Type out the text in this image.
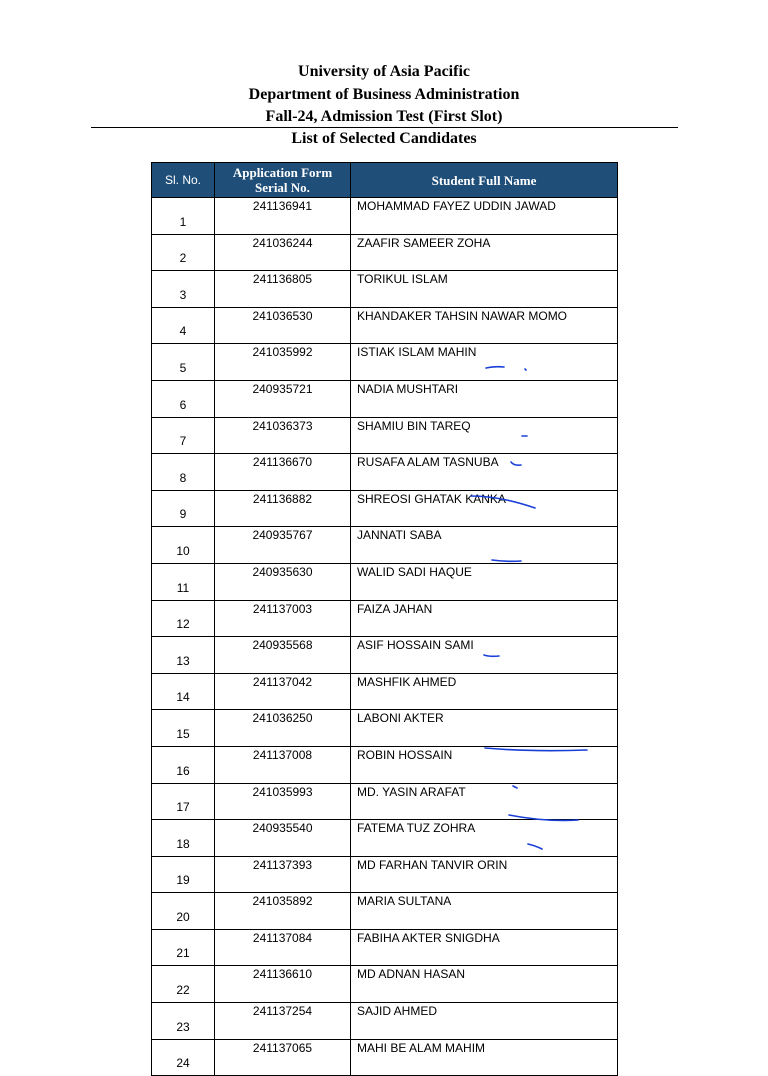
University of Asia Pacific
Department of Business Administration
Fall-24, Admission Test (First Slot)
List of Selected Candidates
Sl. No.	Application Form Serial No.	Student Full Name
1	241136941	MOHAMMAD FAYEZ UDDIN JAWAD
2	241036244	ZAAFIR SAMEER ZOHA
3	241136805	TORIKUL ISLAM
4	241036530	KHANDAKER TAHSIN NAWAR MOMO
5	241035992	ISTIAK ISLAM MAHIN
6	240935721	NADIA MUSHTARI
7	241036373	SHAMIU BIN TAREQ
8	241136670	RUSAFA ALAM TASNUBA
9	241136882	SHREOSI GHATAK KANKA
10	240935767	JANNATI SABA
11	240935630	WALID SADI HAQUE
12	241137003	FAIZA JAHAN
13	240935568	ASIF HOSSAIN SAMI
14	241137042	MASHFIK AHMED
15	241036250	LABONI AKTER
16	241137008	ROBIN HOSSAIN
17	241035993	MD. YASIN ARAFAT
18	240935540	FATEMA TUZ ZOHRA
19	241137393	MD FARHAN TANVIR ORIN
20	241035892	MARIA SULTANA
21	241137084	FABIHA AKTER SNIGDHA
22	241136610	MD ADNAN HASAN
23	241137254	SAJID AHMED
24	241137065	MAHI BE ALAM MAHIM
